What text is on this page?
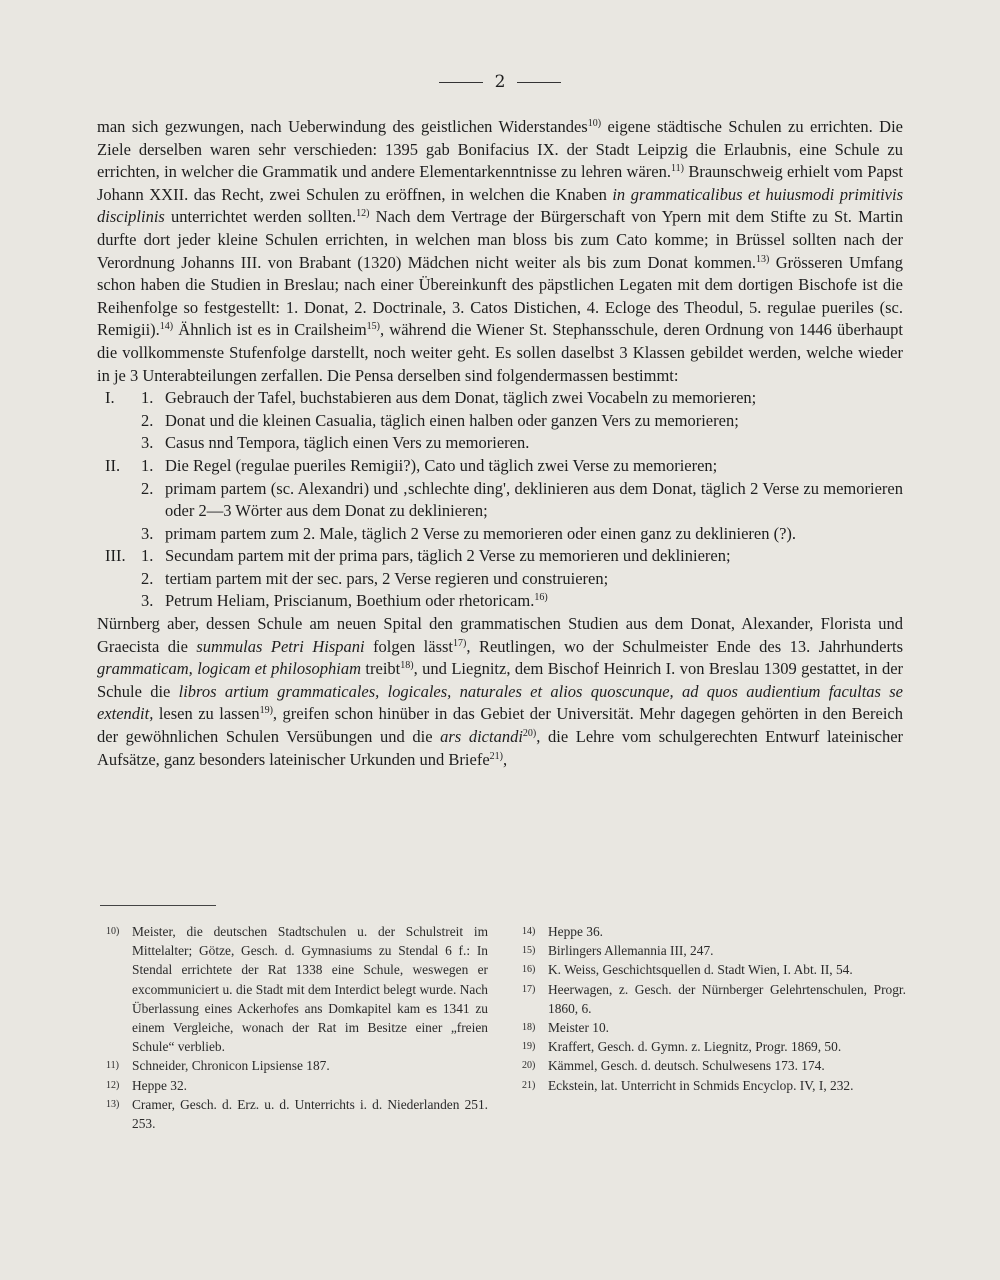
2

man sich gezwungen, nach Ueberwindung des geistlichen Widerstandes$^{10)}$ eigene städtische Schulen zu errichten. Die Ziele derselben waren sehr verschieden: 1395 gab Bonifacius IX. der Stadt Leipzig die Erlaubnis, eine Schule zu errichten, in welcher die Grammatik und andere Elementarkenntnisse zu lehren wären.$^{11)}$ Braunschweig erhielt vom Papst Johann XXII. das Recht, zwei Schulen zu eröffnen, in welchen die Knaben in grammaticalibus et huiusmodi primitivis disciplinis unterrichtet werden sollten.$^{12)}$ Nach dem Vertrage der Bürgerschaft von Ypern mit dem Stifte zu St. Martin durfte dort jeder kleine Schulen errichten, in welchen man bloss bis zum Cato komme; in Brüssel sollten nach der Verordnung Johanns III. von Brabant (1320) Mädchen nicht weiter als bis zum Donat kommen.$^{13)}$ Grösseren Umfang schon haben die Studien in Breslau; nach einer Übereinkunft des päpstlichen Legaten mit dem dortigen Bischofe ist die Reihenfolge so festgestellt: 1. Donat, 2. Doctrinale, 3. Catos Distichen, 4. Ecloge des Theodul, 5. regulae pueriles (sc. Remigii).$^{14)}$ Ähnlich ist es in Crailsheim$^{15)}$, während die Wiener St. Stephansschule, deren Ordnung von 1446 überhaupt die vollkommenste Stufenfolge darstellt, noch weiter geht. Es sollen daselbst 3 Klassen gebildet werden, welche wieder in je 3 Unterabteilungen zerfallen. Die Pensa derselben sind folgendermassen bestimmt:

I.	1. Gebrauch der Tafel, buchstabieren aus dem Donat, täglich zwei Vocabeln zu memorieren;
2. Donat und die kleinen Casualia, täglich einen halben oder ganzen Vers zu memorieren;
3. Casus nnd Tempora, täglich einen Vers zu memorieren.
II.	1. Die Regel (regulae pueriles Remigii?), Cato und täglich zwei Verse zu memorieren;
2. primam partem (sc. Alexandri) und ‚schlechte ding', deklinieren aus dem Donat, täglich 2 Verse zu memorieren oder 2—3 Wörter aus dem Donat zu deklinieren;
3. primam partem zum 2. Male, täglich 2 Verse zu memorieren oder einen ganz zu deklinieren (?).
III. 1. Secundam partem mit der prima pars, täglich 2 Verse zu memorieren und deklinieren;
2. tertiam partem mit der sec. pars, 2 Verse regieren und construieren;
3. Petrum Heliam, Priscianum, Boethium oder rhetoricam.$^{16)}$

Nürnberg aber, dessen Schule am neuen Spital den grammatischen Studien aus dem Donat, Alexander, Florista und Graecista die summulas Petri Hispani folgen lässt$^{17)}$, Reutlingen, wo der Schulmeister Ende des 13. Jahrhunderts grammaticam, logicam et philosophiam treibt$^{18)}$, und Liegnitz, dem Bischof Heinrich I. von Breslau 1309 gestattet, in der Schule die libros artium grammaticales, logicales, naturales et alios quoscunque, ad quos audientium facultas se extendit, lesen zu lassen$^{19)}$, greifen schon hinüber in das Gebiet der Universität. Mehr dagegen gehörten in den Bereich der gewöhnlichen Schulen Versübungen und die ars dictandi$^{20)}$, die Lehre vom schulgerechten Entwurf lateinischer Aufsätze, ganz besonders lateinischer Urkunden und Briefe$^{21)}$,

10) Meister, die deutschen Stadtschulen u. der Schulstreit im Mittelalter; Götze, Gesch. d. Gymnasiums zu Stendal 6 f.: In Stendal errichtete der Rat 1338 eine Schule, weswegen er excommuniciert u. die Stadt mit dem Interdict belegt wurde. Nach Überlassung eines Ackerhofes ans Domkapitel kam es 1341 zu einem Vergleiche, wonach der Rat im Besitze einer „freien Schule“ verblieb.
11) Schneider, Chronicon Lipsiense 187.
12) Heppe 32.
13) Cramer, Gesch. d. Erz. u. d. Unterrichts i. d. Niederlanden 251. 253.
14) Heppe 36.
15) Birlingers Allemannia III, 247.
16) K. Weiss, Geschichtsquellen d. Stadt Wien, I. Abt. II, 54.
17) Heerwagen, z. Gesch. der Nürnberger Gelehrtenschulen, Progr. 1860, 6.
18) Meister 10.
19) Kraffert, Gesch. d. Gymn. z. Liegnitz, Progr. 1869, 50.
20) Kämmel, Gesch. d. deutsch. Schulwesens 173. 174.
21) Eckstein, lat. Unterricht in Schmids Encyclop. IV, I, 232.
